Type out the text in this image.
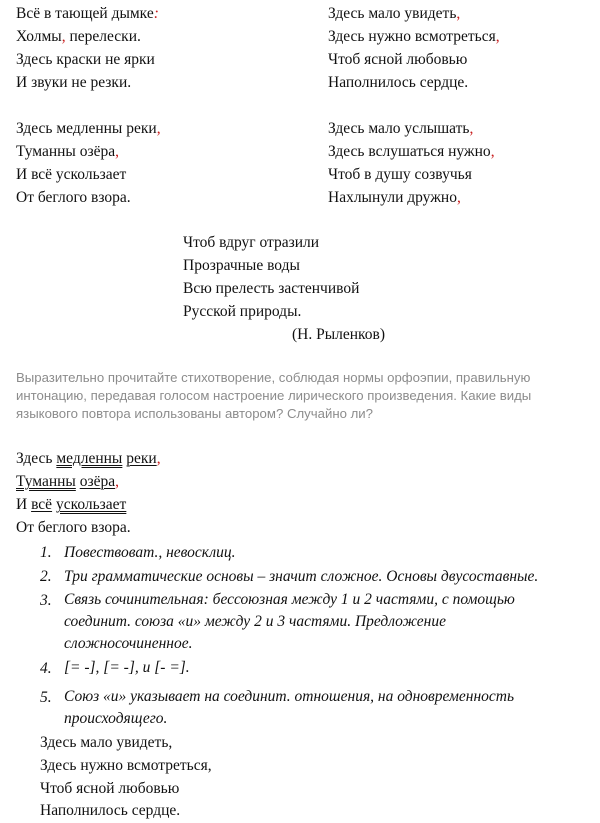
Всё в тающей дымке:
Холмы, перелески.
Здесь краски не ярки
И звуки не резки.
Здесь медленны реки,
Туманны озёра,
И всё ускользает
От беглого взора.
Здесь мало увидеть,
Здесь нужно всмотреться,
Чтоб ясной любовью
Наполнилось сердце.
Здесь мало услышать,
Здесь вслушаться нужно,
Чтоб в душу созвучья
Нахлынули дружно,
Чтоб вдруг отразили
Прозрачные воды
Всю прелесть застенчивой
Русской природы.
(Н. Рыленков)
Выразительно прочитайте стихотворение, соблюдая нормы орфоэпии, правильную интонацию, передавая голосом настроение лирического произведения. Какие виды языкового повтора использованы автором? Случайно ли?
Здесь медленны реки,
Туманны озёра,
И всё ускользает
От беглого взора.
1. Повествоват., невосклиц.
2. Три грамматические основы – значит сложное. Основы двусоставные.
3. Связь сочинительная: бессоюзная между 1 и 2 частями, с помощью
соединит. союза «и» между 2 и 3 частями. Предложение
сложносочиненное.
4. [= -], [= -], и [- =].
5. Союз «и» указывает на соединит. отношения, на одновременность
происходящего.
Здесь мало увидеть,
Здесь нужно всмотреться,
Чтоб ясной любовью
Наполнилось сердце.
